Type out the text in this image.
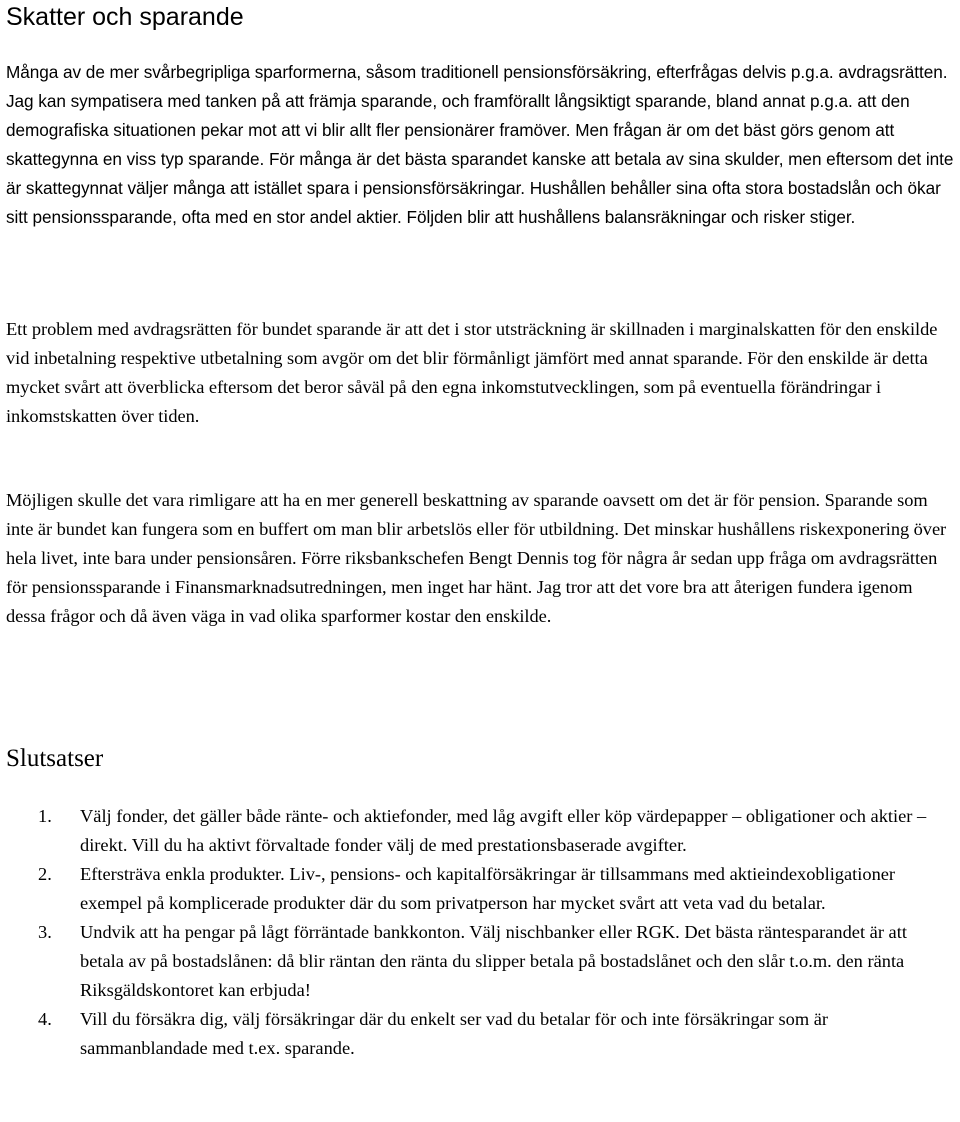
Skatter och sparande

Många av de mer svårbegripliga sparformerna, såsom traditionell pensionsförsäkring, efterfrågas delvis p.g.a. avdragsrätten. Jag kan sympatisera med tanken på att främja sparande, och framförallt långsiktigt sparande, bland annat p.g.a. att den demografiska situationen pekar mot att vi blir allt fler pensionärer framöver. Men frågan är om det bäst görs genom att skattegynna en viss typ sparande. För många är det bästa sparandet kanske att betala av sina skulder, men eftersom det inte är skattegynnat väljer många att istället spara i pensionsförsäkringar. Hushållen behåller sina ofta stora bostadslån och ökar sitt pensionssparande, ofta med en stor andel aktier. Följden blir att hushållens balansräkningar och risker stiger.

Ett problem med avdragsrätten för bundet sparande är att det i stor utsträckning är skillnaden i marginalskatten för den enskilde vid inbetalning respektive utbetalning som avgör om det blir förmånligt jämfört med annat sparande. För den enskilde är detta mycket svårt att överblicka eftersom det beror såväl på den egna inkomstutvecklingen, som på eventuella förändringar i inkomstskatten över tiden.

Möjligen skulle det vara rimligare att ha en mer generell beskattning av sparande oavsett om det är för pension. Sparande som inte är bundet kan fungera som en buffert om man blir arbetslös eller för utbildning. Det minskar hushållens riskexponering över hela livet, inte bara under pensionsåren. Förre riksbankschefen Bengt Dennis tog för några år sedan upp fråga om avdragsrätten för pensionssparande i Finansmarknadsutredningen, men inget har hänt. Jag tror att det vore bra att återigen fundera igenom dessa frågor och då även väga in vad olika sparformer kostar den enskilde.

Slutsatser
1. Välj fonder, det gäller både ränte- och aktiefonder, med låg avgift eller köp värdepapper – obligationer och aktier – direkt. Vill du ha aktivt förvaltade fonder välj de med prestationsbaserade avgifter.
2. Eftersträva enkla produkter. Liv-, pensions- och kapitalförsäkringar är tillsammans med aktieindexobligationer exempel på komplicerade produkter där du som privatperson har mycket svårt att veta vad du betalar.
3. Undvik att ha pengar på lågt förräntade bankkonton. Välj nischbanker eller RGK. Det bästa räntesparandet är att betala av på bostadslånen: då blir räntan den ränta du slipper betala på bostadslånet och den slår t.o.m. den ränta Riksgäldskontoret kan erbjuda!
4. Vill du försäkra dig, välj försäkringar där du enkelt ser vad du betalar för och inte försäkringar som är sammanblandade med t.ex. sparande.
